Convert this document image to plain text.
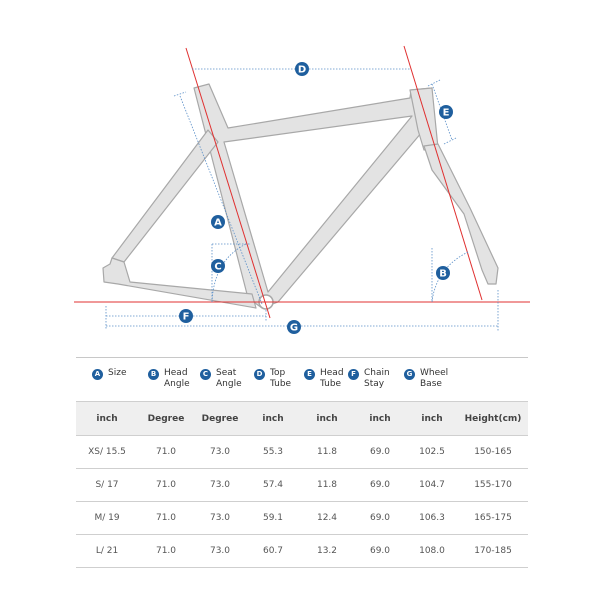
D
E
A
C
B
F
G
A Size	B Head
Angle
C Seat
Angle
D Top
Tube
E Head
Tube
F Chain
Stay
G Wheel
Base
inch	Degree	Degree	inch	inch	inch	inch	Height(cm)
XS/ 15.5	71.0	73.0	55.3	11.8	69.0	102.5	150-165
S/ 17	71.0	73.0	57.4	11.8	69.0	104.7	155-170
M/ 19	71.0	73.0	59.1	12.4	69.0	106.3	165-175
L/ 21	71.0	73.0	60.7	13.2	69.0	108.0	170-185
